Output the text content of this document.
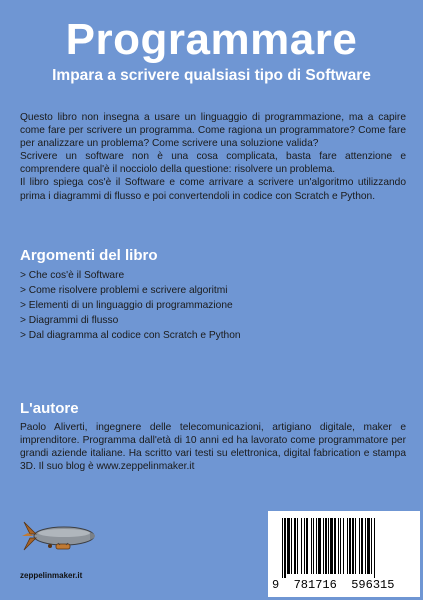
Programmare
Impara a scrivere qualsiasi tipo di Software

Questo libro non insegna a usare un linguaggio di programmazione, ma a capire come fare per scrivere un programma. Come ragiona un programmatore? Come fare per analizzare un problema? Come scrivere una soluzione valida?

Scrivere un software non è una cosa complicata, basta fare attenzione e comprendere qual'è il nocciolo della questione: risolvere un problema.

Il libro spiega cos'è il Software e come arrivare a scrivere un'algoritmo utilizzando prima i diagrammi di flusso e poi convertendoli in codice con Scratch e Python.

Argomenti del libro
> Che cos'è il Software
> Come risolvere problemi e scrivere algoritmi
> Elementi di un linguaggio di programmazione
> Diagrammi di flusso
> Dal diagramma al codice con Scratch e Python
L'autore

Paolo Aliverti, ingegnere delle telecomunicazioni, artigiano digitale, maker e imprenditore. Programma dall'età di 10 anni ed ha lavorato come programmatore per grandi aziende italiane. Ha scritto vari testi su elettronica, digital fabrication e stampa 3D. Il suo blog è www.zeppelinmaker.it

zeppelinmaker.it
9 781716 596315
